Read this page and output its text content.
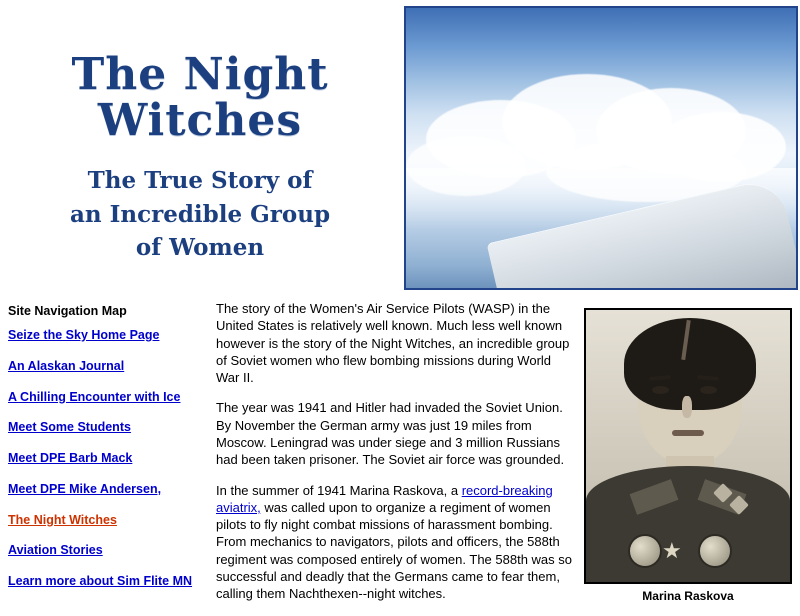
The Night Witches
The True Story of
an Incredible Group
of Women
Site Navigation Map
Seize the Sky Home Page
An Alaskan Journal
A Chilling Encounter with Ice
Meet Some Students
Meet DPE Barb Mack
Meet DPE Mike Andersen,
The Night Witches
Aviation Stories
Learn more about Sim Flite MN

The story of the Women's Air Service Pilots (WASP) in the United States is relatively well known. Much less well known however is the story of the Night Witches, an incredible group of Soviet women who flew bombing missions during World War II.

The year was 1941 and Hitler had invaded the Soviet Union. By November the German army was just 19 miles from Moscow. Leningrad was under siege and 3 million Russians had been taken prisoner. The Soviet air force was grounded.

In the summer of 1941 Marina Raskova, a record-breaking aviatrix, was called upon to organize a regiment of women pilots to fly night combat missions of harassment bombing. From mechanics to navigators, pilots and officers, the 588th regiment was composed entirely of women. The 588th was so successful and deadly that the Germans came to fear them, calling them Nachthexen--night witches.

★
Marina Raskova
